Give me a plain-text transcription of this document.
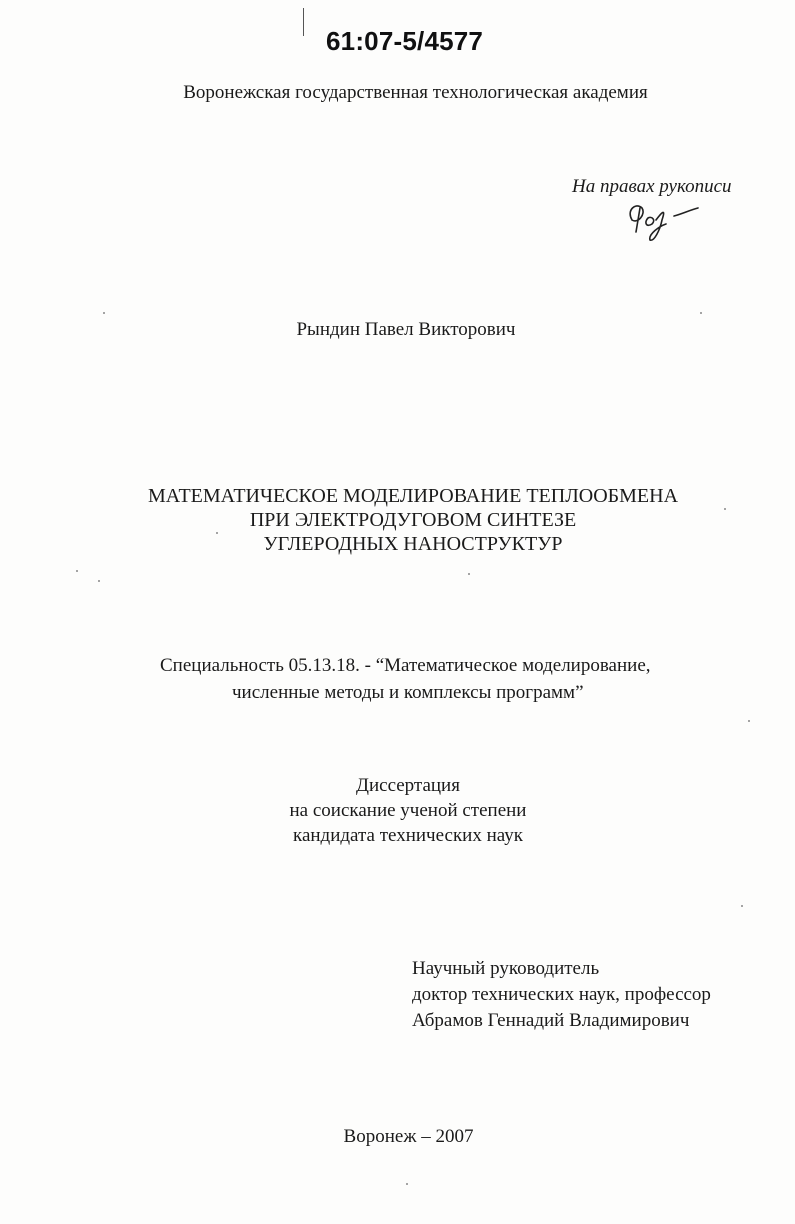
61:07-5/4577
Воронежская государственная технологическая академия
На правах рукописи
Рындин Павел Викторович
МАТЕМАТИЧЕСКОЕ МОДЕЛИРОВАНИЕ ТЕПЛООБМЕНА
ПРИ ЭЛЕКТРОДУГОВОМ СИНТЕЗЕ
УГЛЕРОДНЫХ НАНОСТРУКТУР
Специальность 05.13.18. - “Математическое моделирование,
численные методы и комплексы программ”
Диссертация
на соискание ученой степени
кандидата технических наук
Научный руководитель
доктор технических наук, профессор
Абрамов Геннадий Владимирович
Воронеж – 2007
